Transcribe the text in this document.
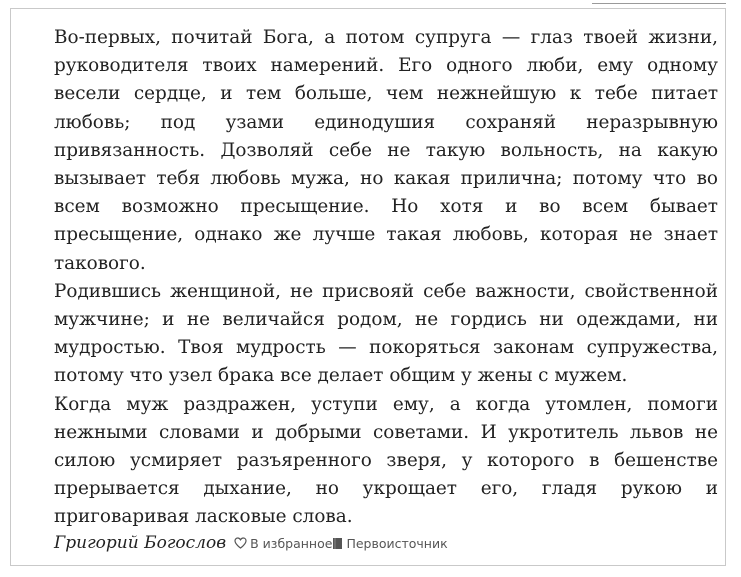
Во-первых, почитай Бога, а потом супруга — глаз твоей жизни, руководителя твоих намерений. Его одного люби, ему одному весели сердце, и тем больше, чем нежнейшую к тебе питает любовь; под узами единодушия сохраняй неразрывную привязанность. Дозволяй себе не такую вольность, на какую вызывает тебя любовь мужа, но какая прилична; потому что во всем возможно пресыщение. Но хотя и во всем бывает пресыщение, однако же лучше такая любовь, которая не знает такового.

Родившись женщиной, не присвояй себе важности, свойственной мужчине; и не величайся родом, не гордись ни одеждами, ни мудростью. Твоя мудрость — покоряться законам супружества, потому что узел брака все делает общим у жены с мужем.

Когда муж раздражен, уступи ему, а когда утомлен, помоги нежными словами и добрыми советами. И укротитель львов не силою усмиряет разъяренного зверя, у которого в бешенстве прерывается дыхание, но укрощает его, гладя рукою и приговаривая ласковые слова.

Григорий Богослов В избранное Первоисточник
